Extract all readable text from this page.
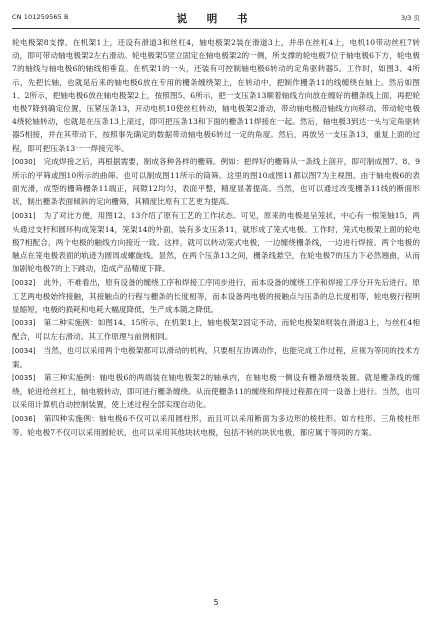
CN 101259565 B	说 明 书	3/3 页

轮电极架8支撑。在机架1上，还设有滑道3和丝杠4，轴电极架2装在滑道3上，并串在丝杠4上，电机10带动丝杠7转动，即可带动轴电极架2左右滑动。轮电极架5竖立固定在轴电极架2的一侧，所支撑的轮电极7位于轴电极6下方，轮电极7的轴线与轴电极6的轴线相垂直。在机架1的一头，还装有可控制轴电极6转动的定角驱转器5。工作时，如图3、4所示，先把长轴，也就是后来的轴电极6放在专用的栅条缠绕架上，在转动中，把制作栅条11的线缠绕在轴上。然后如图1、2所示，把轴电极6放在轴电极架2上，按照图5、6所示，把一支压条13顺着轴线方向放在缠好的栅条线上面，再把轮电极7降到确定位置，压紧压条13，开动电机10使丝杠转动，轴电极架2滑动，带动轴电极沿轴线方向移动，带动轮电极4绕轮轴转动，也就是在压条13上滚过，即可把压条13和下面的栅条11焊接在一起。然后，轴电极3到达一头与定角驱转器5相接，并在其带动下，按照事先确定的数据带动轴电极6转过一定的角度。然后，再放另一支压条13，重复上面的过程，即可把压条13一一焊接完毕。

[0030] 完成焊接之后，再根据需要，制成各种各样的栅筛。例如：把焊好的栅筛从一条线上剖开，即可制成图7、8、9所示的平筛或图10所示的曲筛。也可以制成图11所示的筒筛。这里的图10或图11都以图7为主视图。由于轴电极6的表面光滑，成型的栅筛栅条11端正，间隙12均匀，表面平整，精度显著提高。当然，也可以通过改变栅条11线的断面形状，制出栅条表面倾斜的定向栅筛，其精度比原有工艺更为提高。

[0031] 为了对比方便，用图12、13介绍了原有工艺的工作状态。可见，原来的电极是呈笼状，中心有一根笼轴15，两头通过支杆和圆环构成笼架14，笼架14的外面，装有多支压条11，就形成了笼式电极。工作时，笼式电极架上面的轮电极7相配合，两个电极的触线方向接近一致。这样，就可以转动笼式电极，一边缠绕栅条线，一边进行焊接。两个电极的触点在笼电极表面的轨迹为圆周或螺旋线。显然，在两个压条13之间，栅条线悬空，在轮电极7的压力下必然翘曲，从而加剧轮电极7的上下跳动，造成产品精度下降。

[0032] 此外，不难看出，原有设备的缠绕工序和焊接工序同步进行，而本设备的缠绕工序和焊接工序分开先后进行。原工艺两电极始终接触，其接触点的行程与栅条的长度相等，而本设备两电极的接触点与压条的总长度相等，轮电极行程明显缩短，电极的损耗和电耗大幅度降低，生产成本随之降低。

[0033] 第二种实施例：如图14、15所示，在机架1上，轴电极架2固定不动，而轮电极架8则装在滑道3上，与丝杠4相配合，可以左右滑动。其工作原理与前例相同。

[0034] 当然，也可以采用两个电极架都可以滑动的机构，只要相互协调动作，也能完成工作过程，应视为等同的技术方案。

[0035] 第三种实施例：轴电极6的两端装在轴电极架2的轴承内，在轴电极一侧设有栅条缠绕装置。就是栅条线的缠绕，轮进给丝杠上，轴电极转动，即可进行栅条缠绕。从而使栅条11的缠绕和焊接过程都在同一设备上进行。当然，也可以采用计算机自动控制装置，使上述过程全部实现自动化。

[0036] 第四种实施例：轴电极6不仅可以采用圆柱形，而且可以采用断面为多边形的棱柱形。如方柱形、三角棱柱形等。轮电极7不仅可以采用圆轮状，也可以采用其他块状电极，包括不转的块状电极，都应属于等同的方案。

5
